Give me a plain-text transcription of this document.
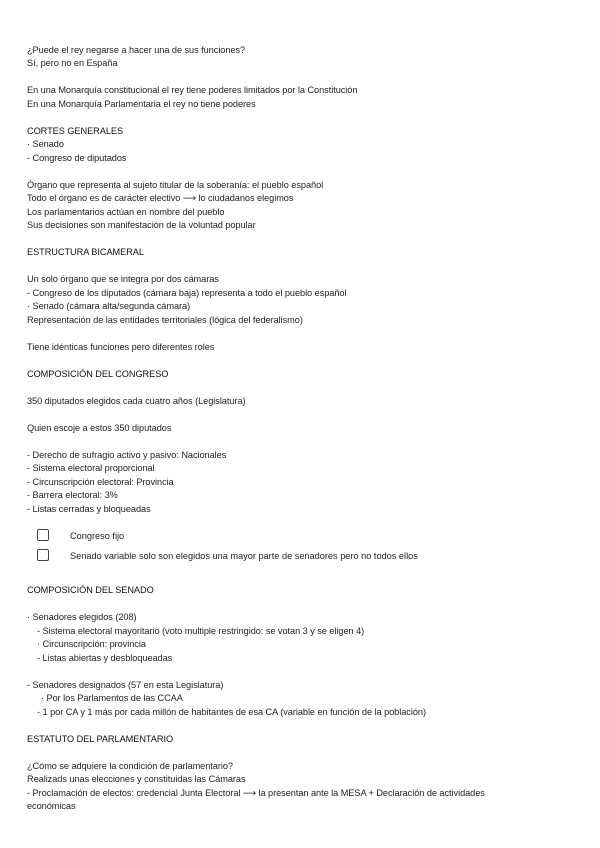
¿Puede el rey negarse a hacer una de sus funciones?

Sí, pero no en España

En una Monarquía constitucional el rey tiene poderes limitados por la Constitución

En una Monarquía Parlamentaria el rey no tiene poderes

CORTES GENERALES

· Senado

- Congreso de diputados

Órgano que representa al sujeto titular de la soberanía: el pueblo español

Todo el órgano es de carácter electivo ⟶ lo ciudadanos elegimos

Los parlamentarios actúan en nombre del pueblo

Sus decisiones son manifestación de la voluntad popular

ESTRUCTURA BICAMERAL

Un solo órgano que se integra por dos cámaras

- Congreso de los diputados (cámara baja) representa a todo el pueblo español

· Senado (cámara alta/segunda cámara)

Representación de las entidades territoriales (lógica del federalismo)

Tiene idénticas funciones pero diferentes roles

COMPOSICIÓN DEL CONGRESO

350 diputados elegidos cada cuatro años (Legislatura)

Quien escoje a estos 350 diputados

- Derecho de sufragio activo y pasivo: Nacionales

- Sistema electoral proporcional

- Circunscripción electoral: Provincia

- Barrera electoral: 3%

- Listas cerradas y bloqueadas

Congreso fijo
Senado variable solo son elegidos una mayor parte de senadores pero no todos ellos

COMPOSICIÓN DEL SENADO

· Senadores elegidos (208)

- Sistema electoral mayoritario (voto multiple restringido: se votan 3 y se eligen 4)

· Circunscripción: provincia

- Listas abiertas y desbloqueadas

- Senadores designados (57 en esta Legislatura)

· Por los Parlamentos de las CCAA

- 1 por CA y 1 más por cada millón de habitantes de esa CA (variable en función de la población)

ESTATUTO DEL PARLAMENTARIO

¿Cómo se adquiere la condición de parlamentario?

Realizads unas elecciones y constituidas las Cámaras

- Proclamación de electos: credencial Junta Electoral ⟶ la presentan ante la MESA + Declaración de actividades

económicas
